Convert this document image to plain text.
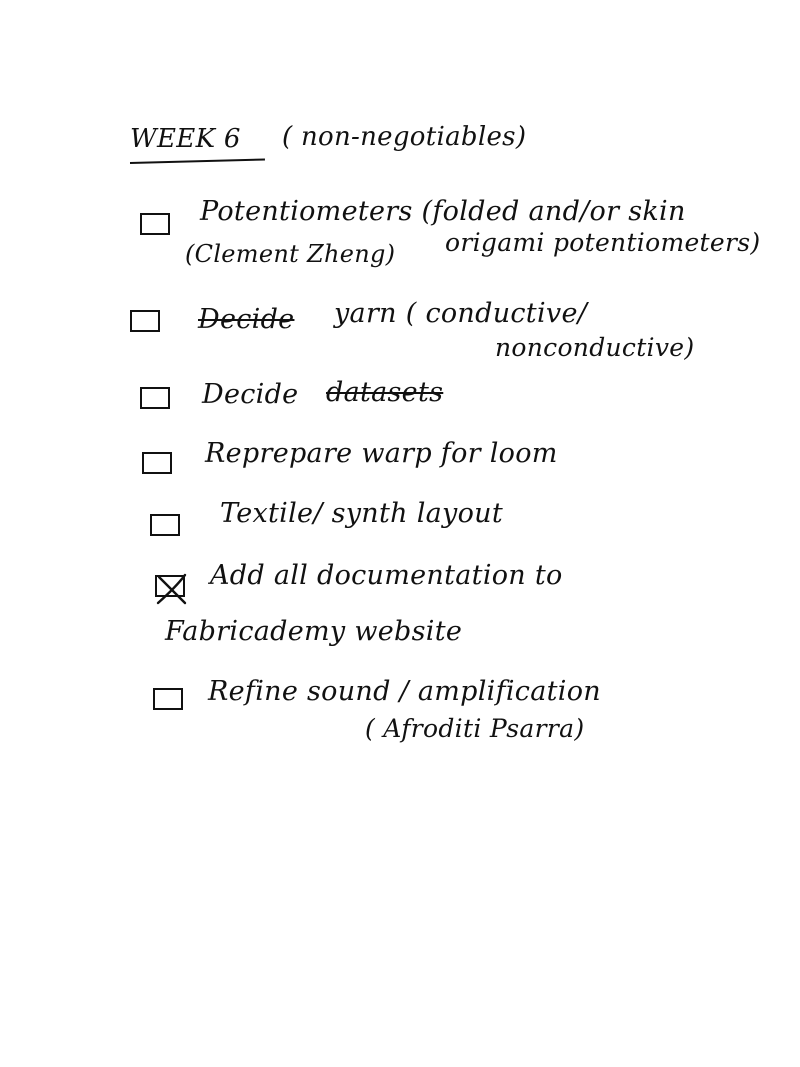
WEEK 6 ( non-negotiables)
Potentiometers (folded and/or skin
(Clement Zheng) origami potentiometers)
Decide yarn ( conductive/
nonconductive)
Decide datasets
Reprepare warp for loom
Textile/ synth layout
Add all documentation to
Fabricademy website
Refine sound / amplification
( Afroditi Psarra)
